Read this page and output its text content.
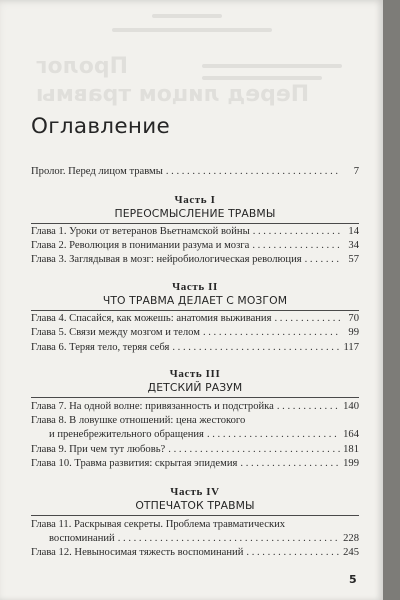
Пролог
Перед лицом травмы
Оглавление
Пролог. Перед лицом травмы . . .	7
Часть I
ПЕРЕОСМЫСЛЕНИЕ ТРАВМЫ
Глава 1. Уроки от ветеранов Вьетнамской войны . . .	14
Глава 2. Революция в понимании разума и мозга . . .	34
Глава 3. Заглядывая в мозг: нейробиологическая революция . . .	57
Часть II
ЧТО ТРАВМА ДЕЛАЕТ С МОЗГОМ
Глава 4. Спасайся, как можешь: анатомия выживания . . .	70
Глава 5. Связи между мозгом и телом . . .	99
Глава 6. Теряя тело, теряя себя . . .	117
Часть III
ДЕТСКИЙ РАЗУМ
Глава 7. На одной волне: привязанность и подстройка . . .	140
Глава 8. В ловушке отношений: цена жестокого
и пренебрежительного обращения . . .	164
Глава 9. При чем тут любовь? . . .	181
Глава 10. Травма развития: скрытая эпидемия . . .	199
Часть IV
ОТПЕЧАТОК ТРАВМЫ
Глава 11. Раскрывая секреты. Проблема травматических
воспоминаний . . .	228
Глава 12. Невыносимая тяжесть воспоминаний . . .	245
5
